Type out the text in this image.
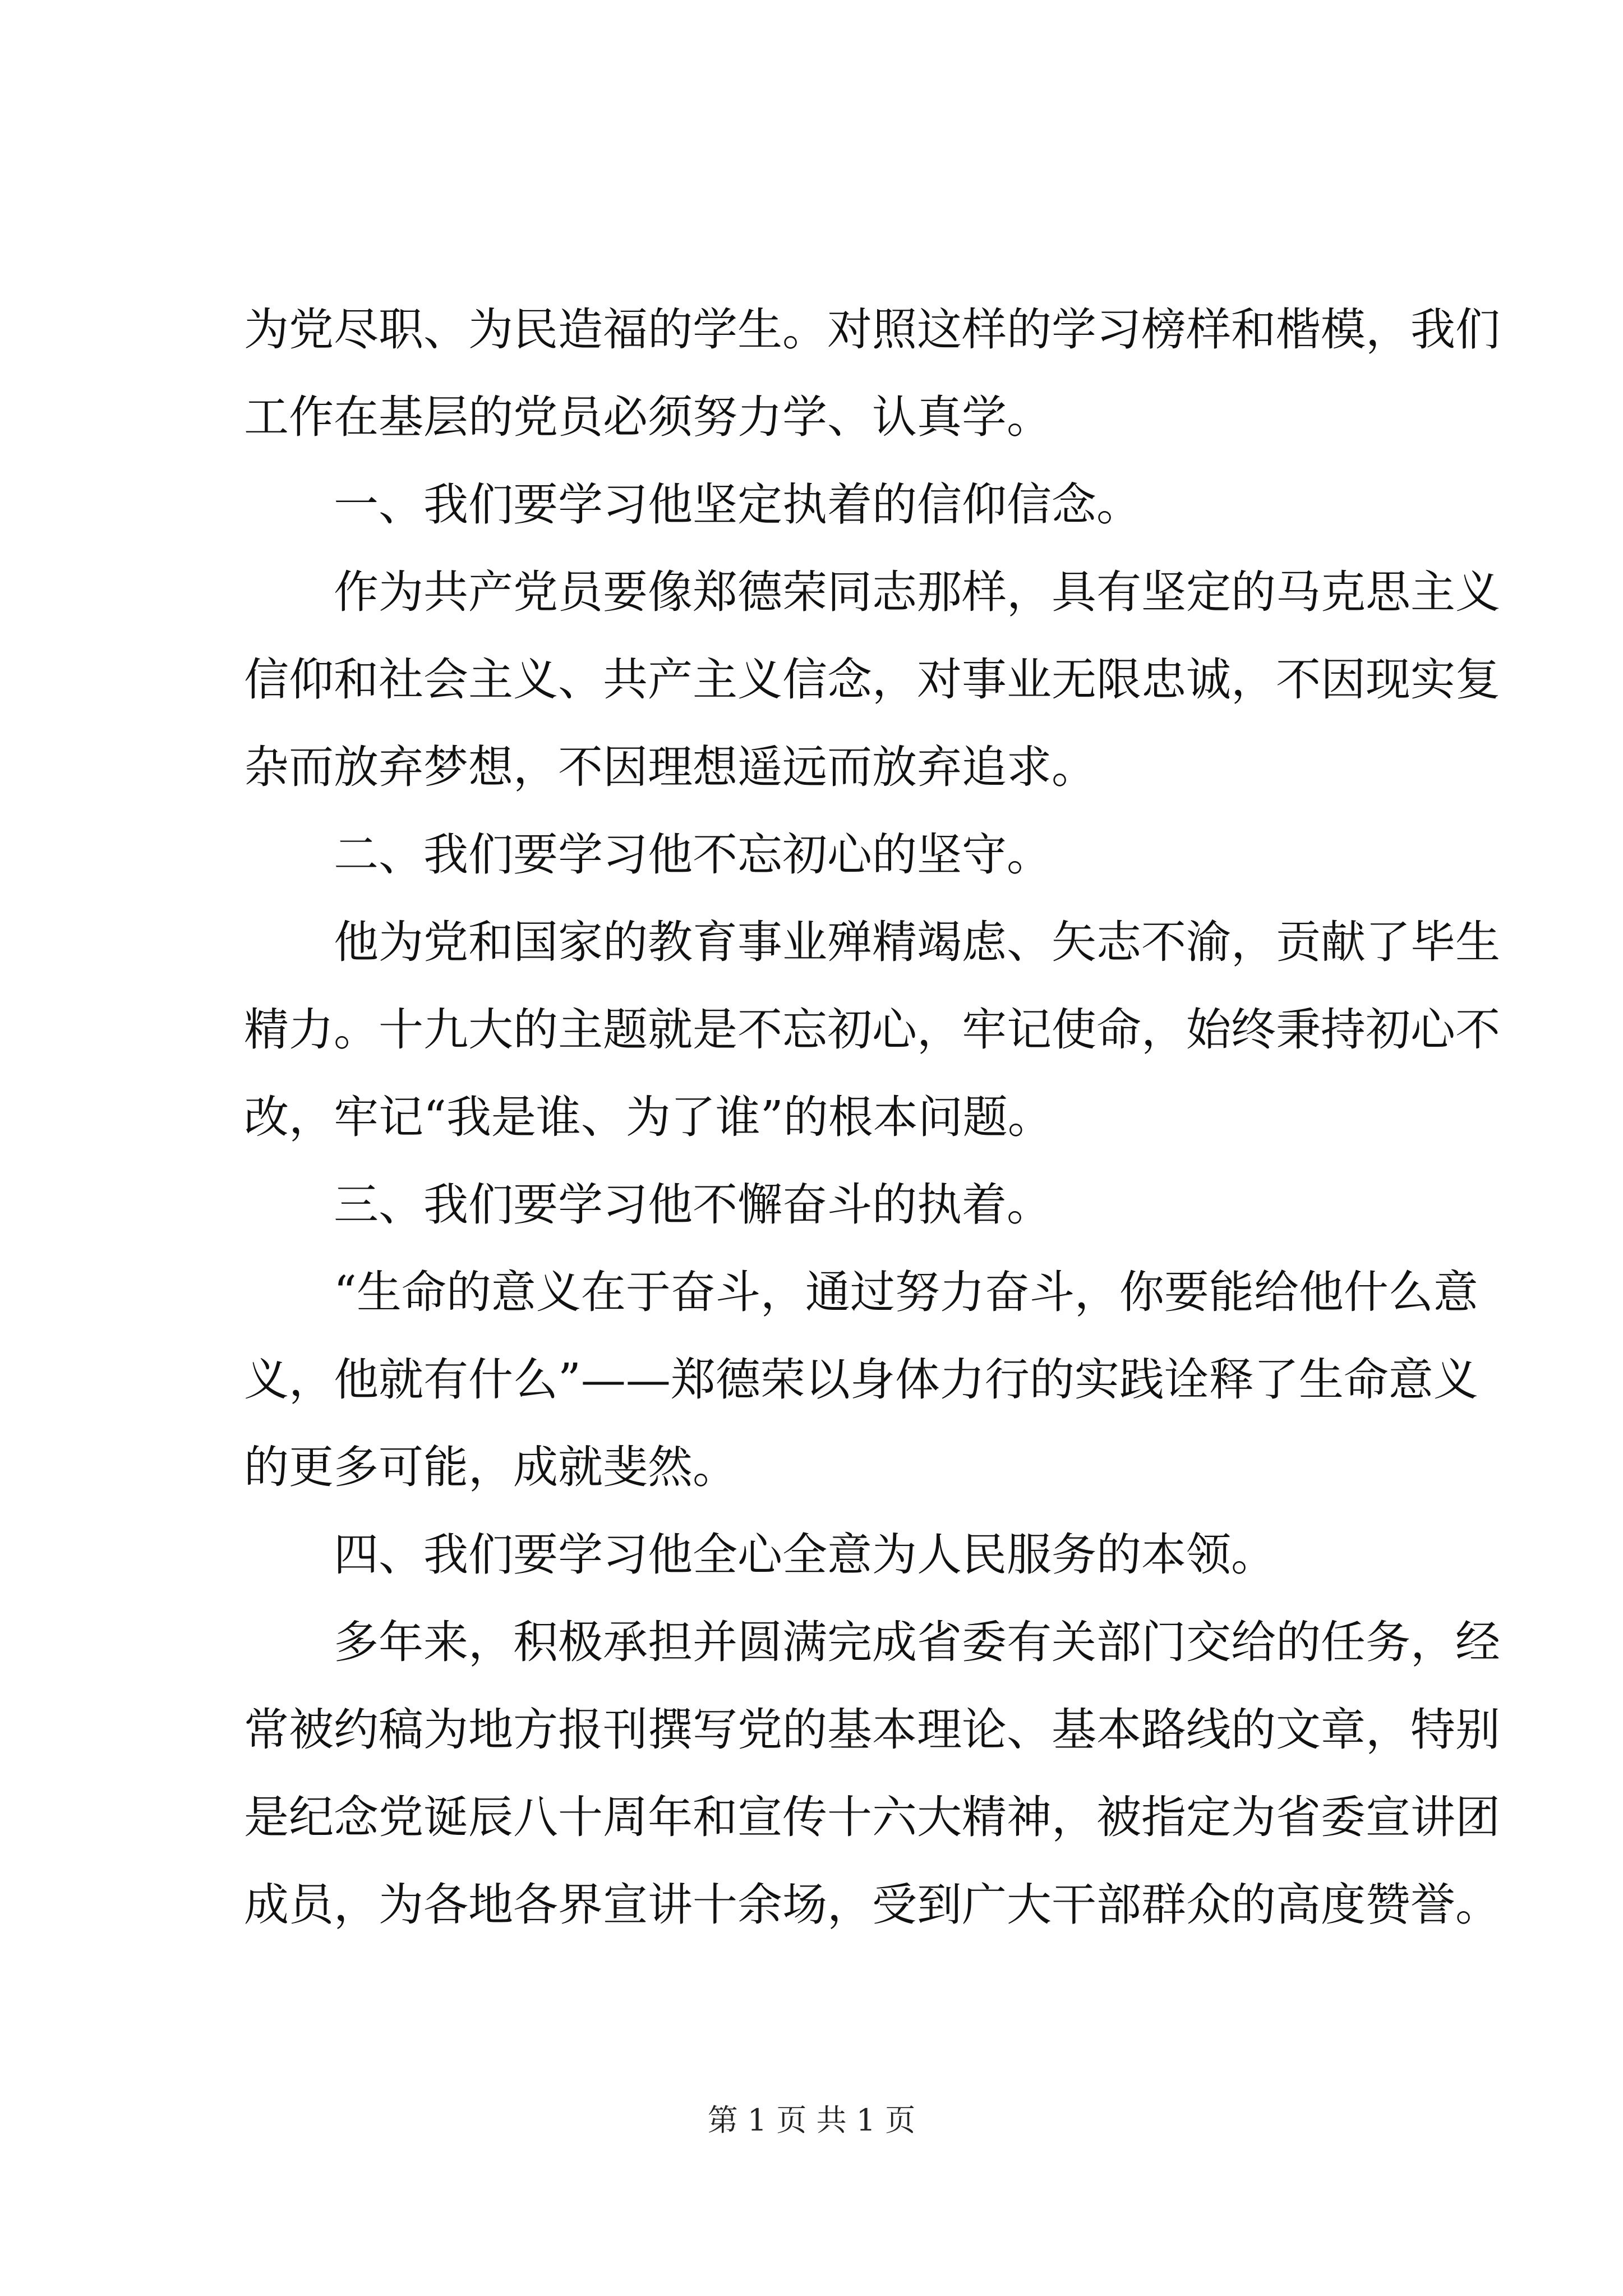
为党尽职、为民造福的学生。对照这样的学习榜样和楷模，我们
工作在基层的党员必须努力学、认真学。
一、我们要学习他坚定执着的信仰信念。
作为共产党员要像郑德荣同志那样，具有坚定的马克思主义
信仰和社会主义、共产主义信念，对事业无限忠诚，不因现实复
杂而放弃梦想，不因理想遥远而放弃追求。
二、我们要学习他不忘初心的坚守。
他为党和国家的教育事业殚精竭虑、矢志不渝，贡献了毕生
精力。十九大的主题就是不忘初心，牢记使命，始终秉持初心不
改，牢记“我是谁、为了谁”的根本问题。
三、我们要学习他不懈奋斗的执着。
“生命的意义在于奋斗，通过努力奋斗，你要能给他什么意
义，他就有什么”——郑德荣以身体力行的实践诠释了生命意义
的更多可能，成就斐然。
四、我们要学习他全心全意为人民服务的本领。
多年来，积极承担并圆满完成省委有关部门交给的任务，经
常被约稿为地方报刊撰写党的基本理论、基本路线的文章，特别
是纪念党诞辰八十周年和宣传十六大精神，被指定为省委宣讲团
成员，为各地各界宣讲十余场，受到广大干部群众的高度赞誉。
第 1 页 共 1 页
